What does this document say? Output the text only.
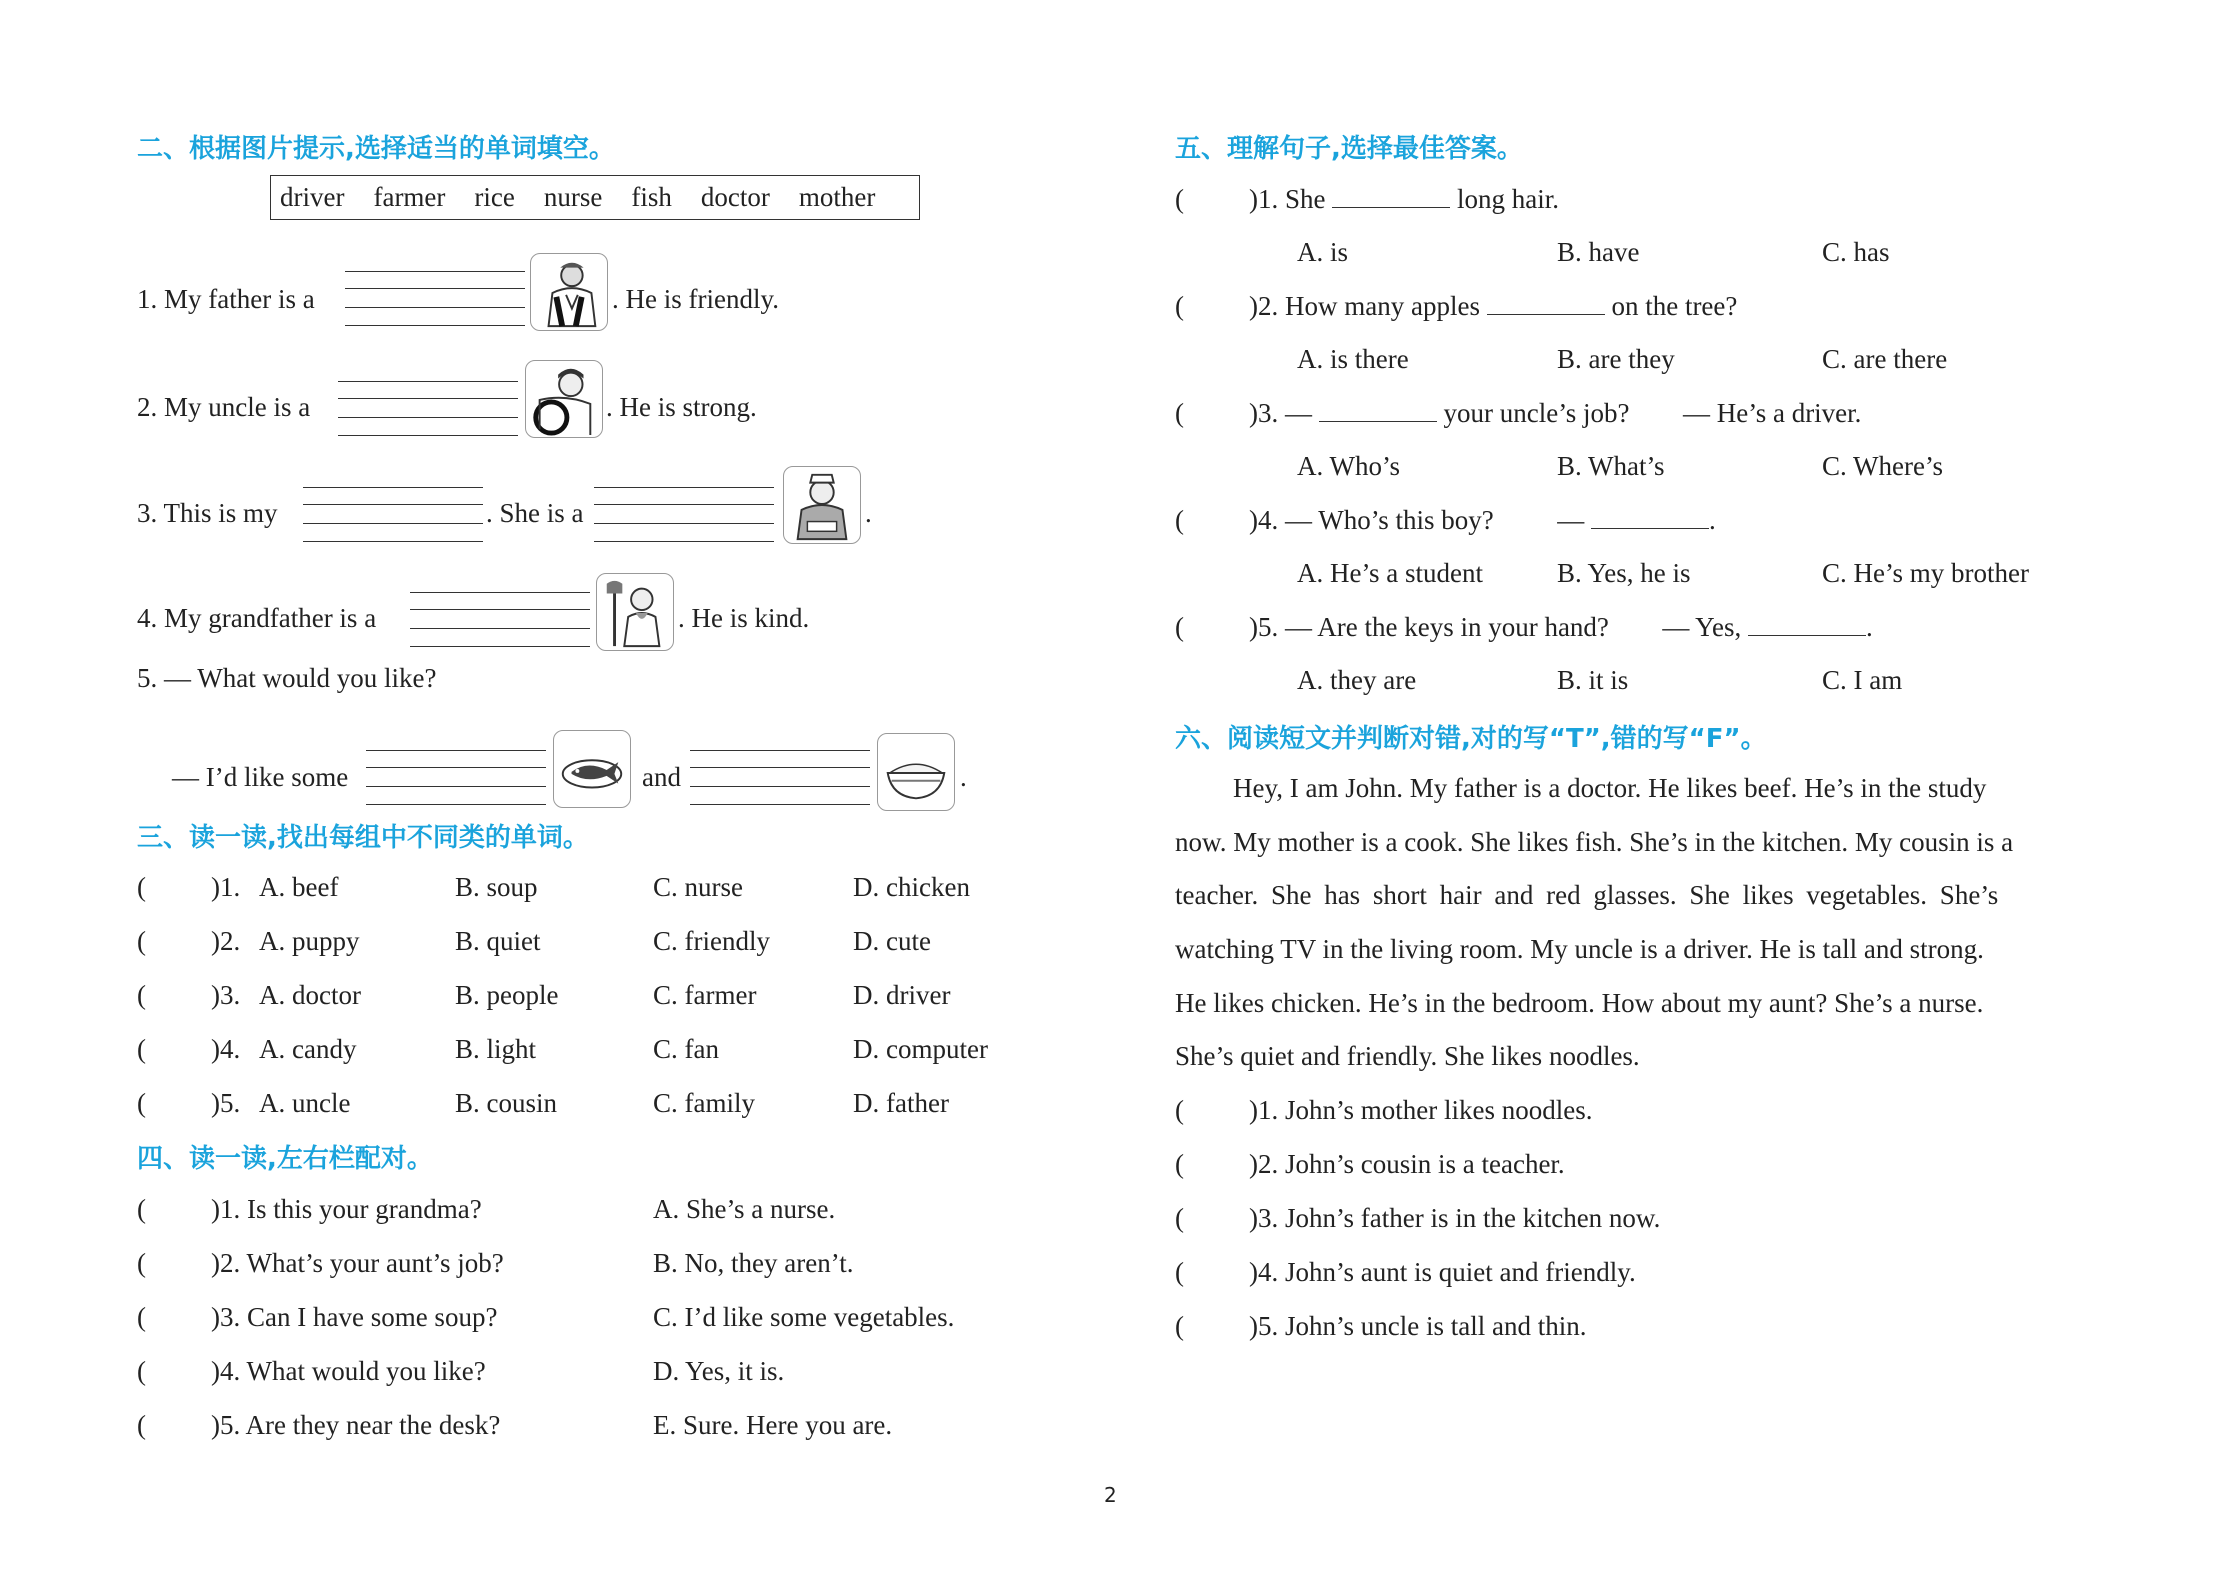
二、根据图片提示,选择适当的单词填空。
driver farmer rice nurse fish doctor mother
1. My father is a	. He is friendly.
2. My uncle is a	. He is strong.
3. This is my	. She is a	.
4. My grandfather is a	. He is kind.
5. — What would you like?
— I’d like some	and	.
三、读一读,找出每组中不同类的单词。
( )1. A. beef	B. soup	C. nurse	D. chicken
( )2. A. puppy	B. quiet	C. friendly	D. cute
( )3. A. doctor	B. people	C. farmer	D. driver
( )4. A. candy	B. light	C. fan	D. computer
( )5. A. uncle	B. cousin	C. family	D. father
四、读一读,左右栏配对。
( )1. Is this your grandma?	A. She’s a nurse.
( )2. What’s your aunt’s job?	B. No, they aren’t.
( )3. Can I have some soup?	C. I’d like some vegetables.
( )4. What would you like?	D. Yes, it is.
( )5. Are they near the desk?	E. Sure. Here you are.
五、理解句子,选择最佳答案。
( )1. She	long hair.
A. is	B. have	C. has
( )2. How many apples	on the tree?
A. is there	B. are they	C. are there
( )3. —	your uncle’s job? — He’s a driver.
A. Who’s	B. What’s	C. Where’s
( )4. — Who’s this boy? —	.
A. He’s a student	B. Yes, he is	C. He’s my brother
( )5. — Are the keys in your hand? — Yes,	.
A. they are	B. it is	C. I am
六、阅读短文并判断对错,对的写“T”,错的写“F”。
Hey, I am John. My father is a doctor. He likes beef. He’s in the study
now. My mother is a cook. She likes fish. She’s in the kitchen. My cousin is a
teacher. She has short hair and red glasses. She likes vegetables. She’s
watching TV in the living room. My uncle is a driver. He is tall and strong.
He likes chicken. He’s in the bedroom. How about my aunt? She’s a nurse.
She’s quiet and friendly. She likes noodles.
( )1. John’s mother likes noodles.
( )2. John’s cousin is a teacher.
( )3. John’s father is in the kitchen now.
( )4. John’s aunt is quiet and friendly.
( )5. John’s uncle is tall and thin.
2
